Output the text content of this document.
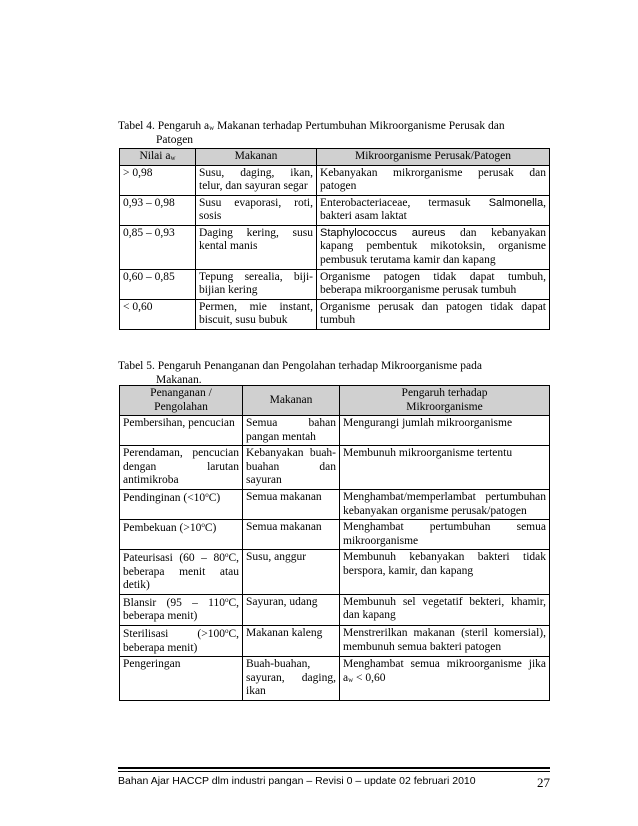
Tabel 4. Pengaruh aw Makanan terhadap Pertumbuhan Mikroorganisme Perusak dan
Patogen
Nilai aw	Makanan	Mikroorganisme Perusak/Patogen
> 0,98	Susu, daging, ikan, telur, dan sayuran segar	Kebanyakan mikrorganisme perusak dan patogen
0,93 – 0,98	Susu evaporasi, roti, sosis	Enterobacteriaceae, termasuk Salmonella, bakteri asam laktat
0,85 – 0,93	Daging kering, susu kental manis	Staphylococcus aureus dan kebanyakan kapang pembentuk mikotoksin, organisme pembusuk terutama kamir dan kapang
0,60 – 0,85	Tepung serealia, biji-bijian kering	Organisme patogen tidak dapat tumbuh, beberapa mikroorganisme perusak tumbuh
< 0,60	Permen, mie instant, biscuit, susu bubuk	Organisme perusak dan patogen tidak dapat tumbuh
Tabel 5. Pengaruh Penanganan dan Pengolahan terhadap Mikroorganisme pada
Makanan.
Penanganan /
Pengolahan	Makanan	Pengaruh terhadap
Mikroorganisme
Pembersihan, pencucian	Semua bahan pangan mentah	Mengurangi jumlah mikroorganisme
Perendaman, pencucian dengan larutan antimikroba	Kebanyakan buah-buahan dan sayuran	Membunuh mikroorganisme tertentu
Pendinginan $(<10^oC)$	Semua makanan	Menghambat/memperlambat pertumbuhan kebanyakan organisme perusak/patogen
Pembekuan $(>10^oC)$	Semua makanan	Menghambat pertumbuhan semua mikroorganisme
Pateurisasi (60 – 80$^o$C, beberapa menit atau detik)	Susu, anggur	Membunuh kebanyakan bakteri tidak berspora, kamir, dan kapang
Blansir (95 – 110$^o$C, beberapa menit)	Sayuran, udang	Membunuh sel vegetatif bekteri, khamir, dan kapang
Sterilisasi ($>100^oC$, beberapa menit)	Makanan kaleng	Menstrerilkan makanan (steril komersial), membunuh semua bakteri patogen
Pengeringan	Buah-buahan, sayuran, daging, ikan	Menghambat semua mikroorganisme jika aw < 0,60
Bahan Ajar HACCP dlm industri pangan – Revisi 0 – update 02 februari 2010	27
